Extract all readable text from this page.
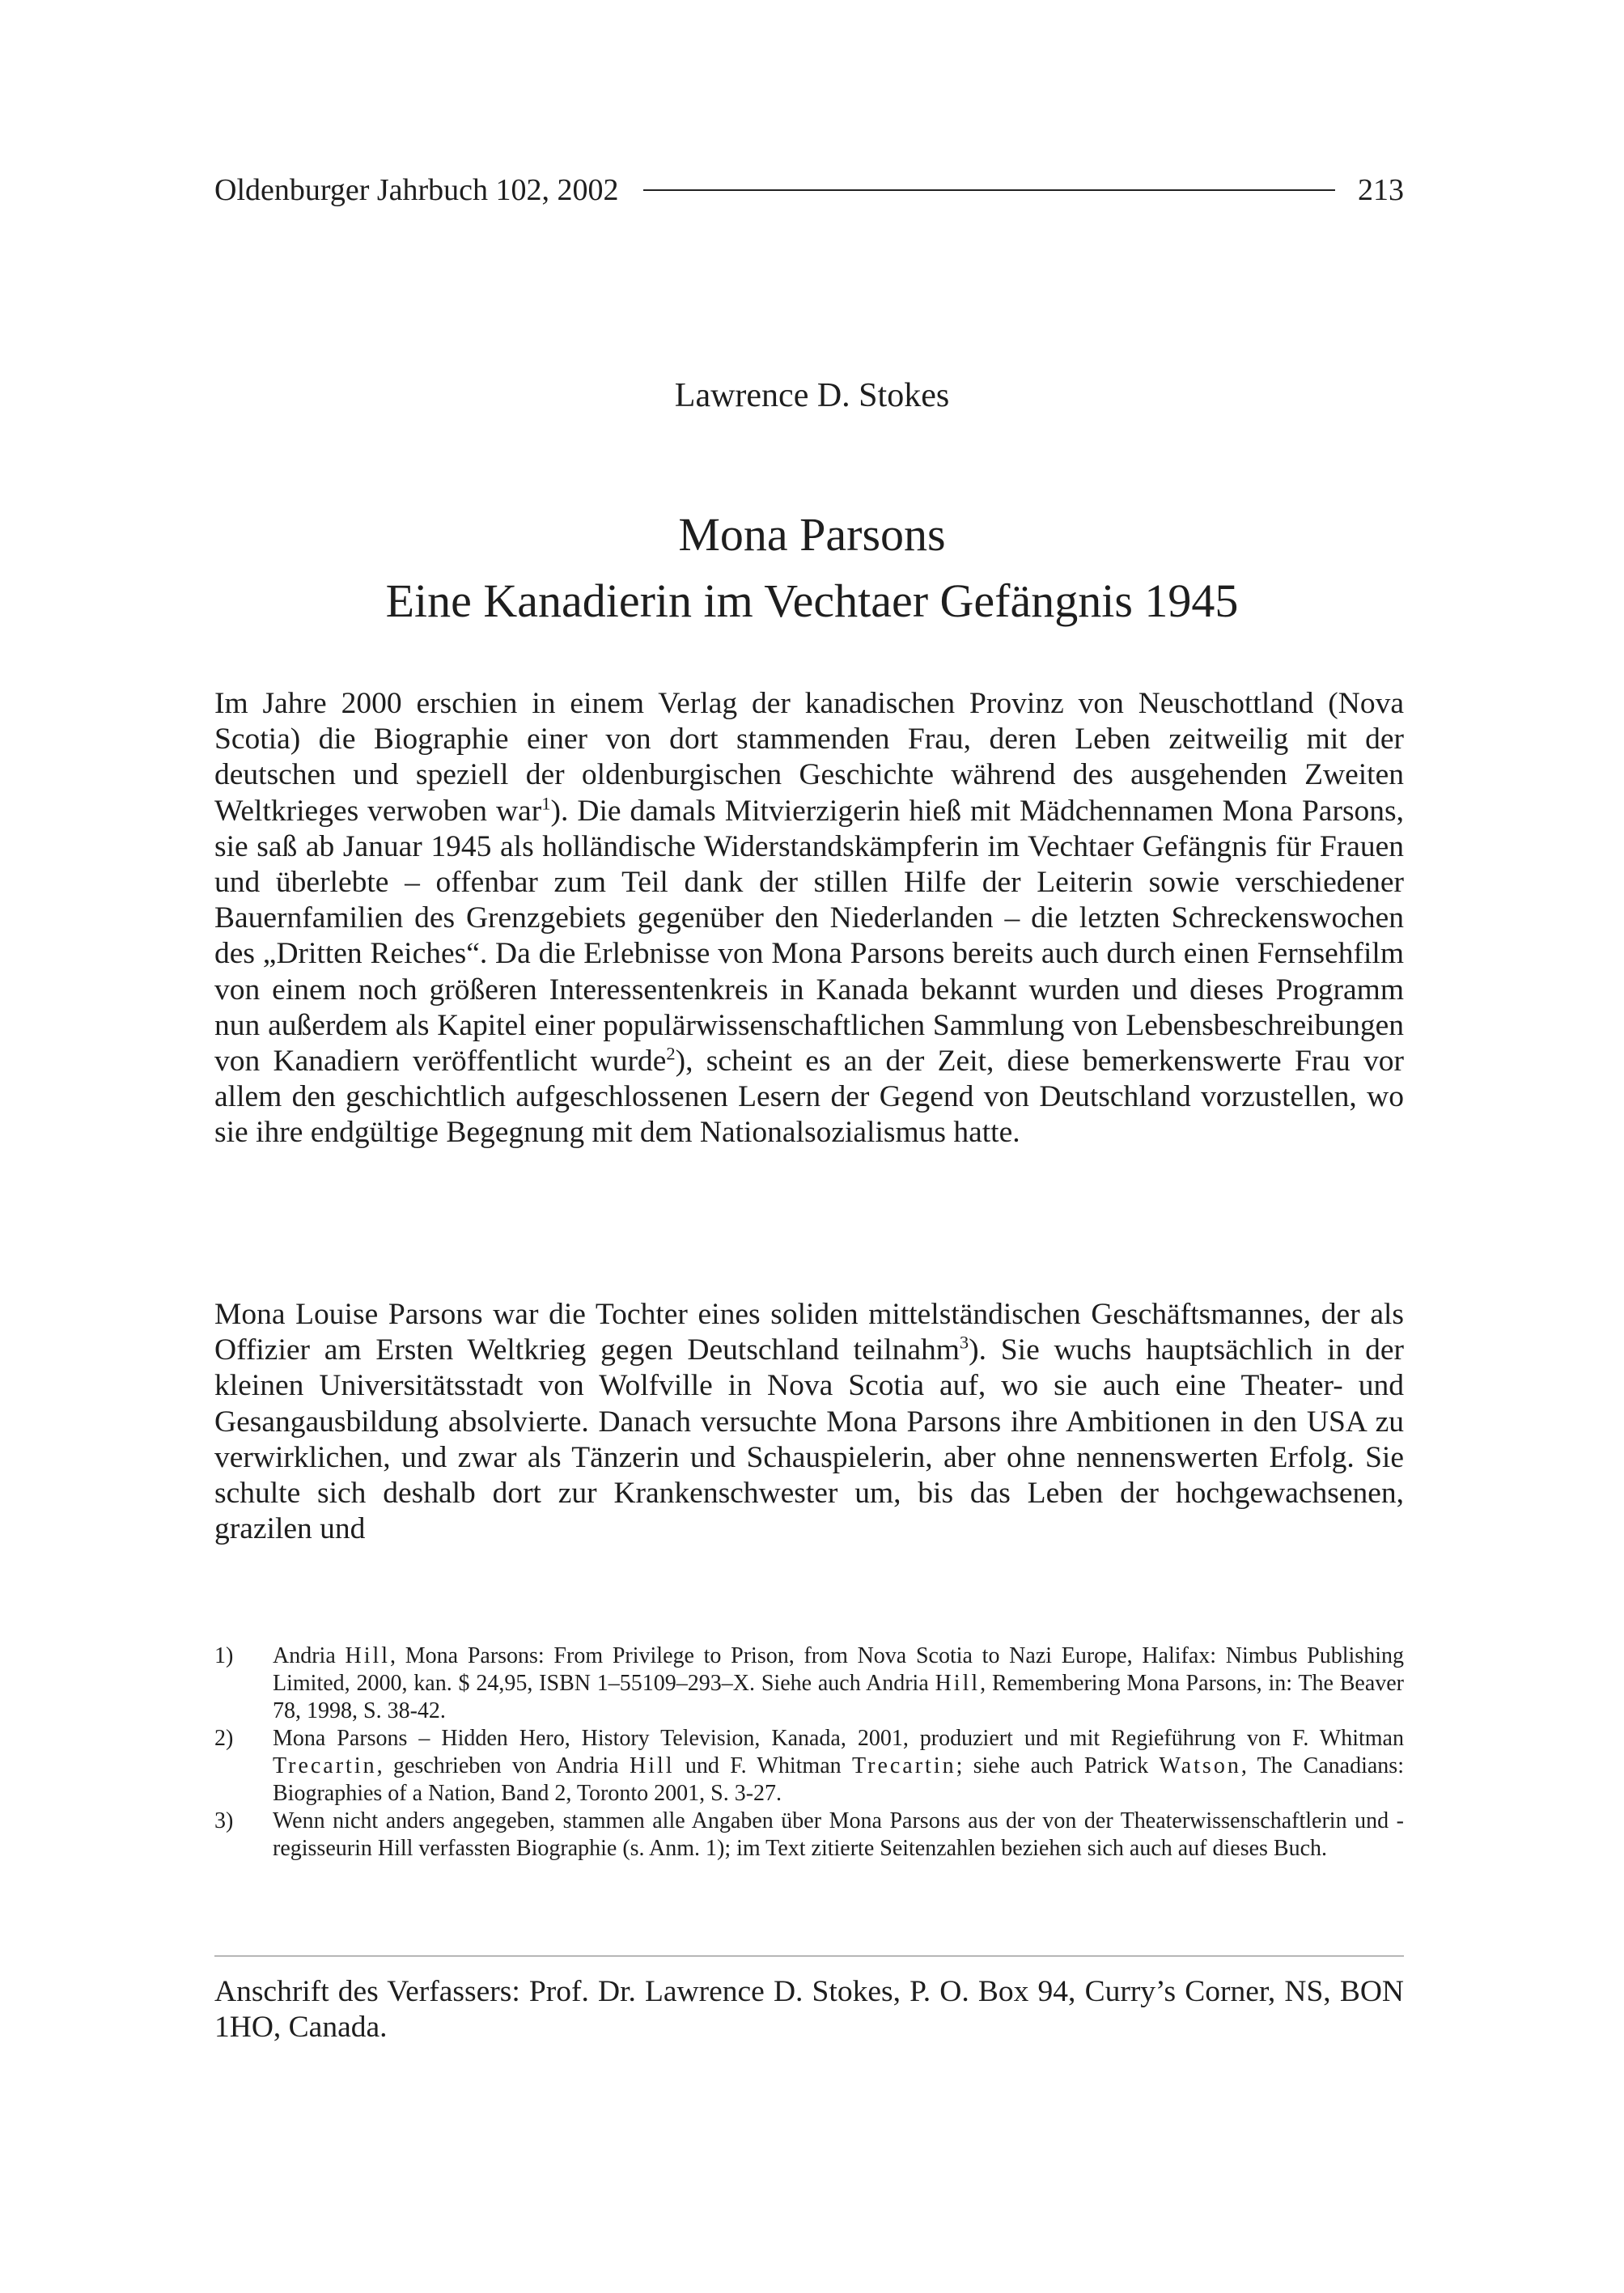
Oldenburger Jahrbuch 102, 2002	213
Lawrence D. Stokes
Mona Parsons
Eine Kanadierin im Vechtaer Gefängnis 1945

Im Jahre 2000 erschien in einem Verlag der kanadischen Provinz von Neuschottland (Nova Scotia) die Biographie einer von dort stammenden Frau, deren Leben zeitweilig mit der deutschen und speziell der oldenburgischen Geschichte während des ausgehenden Zweiten Weltkrieges verwoben war$^1$). Die damals Mitvierzigerin hieß mit Mädchennamen Mona Parsons, sie saß ab Januar 1945 als holländische Widerstandskämpferin im Vechtaer Gefängnis für Frauen und überlebte – offenbar zum Teil dank der stillen Hilfe der Leiterin sowie verschiedener Bauernfamilien des Grenzgebiets gegenüber den Niederlanden – die letzten Schreckenswochen des „Dritten Reiches“. Da die Erlebnisse von Mona Parsons bereits auch durch einen Fernsehfilm von einem noch größeren Interessentenkreis in Kanada bekannt wurden und dieses Programm nun außerdem als Kapitel einer populärwissenschaftlichen Sammlung von Lebensbeschreibungen von Kanadiern veröffentlicht wurde$^2$), scheint es an der Zeit, diese bemerkenswerte Frau vor allem den geschichtlich aufgeschlossenen Lesern der Gegend von Deutschland vorzustellen, wo sie ihre endgültige Begegnung mit dem Nationalsozialismus hatte.

Mona Louise Parsons war die Tochter eines soliden mittelständischen Geschäftsmannes, der als Offizier am Ersten Weltkrieg gegen Deutschland teilnahm$^3$). Sie wuchs hauptsächlich in der kleinen Universitätsstadt von Wolfville in Nova Scotia auf, wo sie auch eine Theater- und Gesangausbildung absolvierte. Danach versuchte Mona Parsons ihre Ambitionen in den USA zu verwirklichen, und zwar als Tänzerin und Schauspielerin, aber ohne nennenswerten Erfolg. Sie schulte sich deshalb dort zur Krankenschwester um, bis das Leben der hochgewachsenen, grazilen und

1)	Andria Hill, Mona Parsons: From Privilege to Prison, from Nova Scotia to Nazi Europe, Halifax: Nimbus Publishing Limited, 2000, kan. $ 24,95, ISBN 1–55109–293–X. Siehe auch Andria Hill, Remembering Mona Parsons, in: The Beaver 78, 1998, S. 38-42.
2)	Mona Parsons – Hidden Hero, History Television, Kanada, 2001, produziert und mit Regieführung von F. Whitman Trecartin, geschrieben von Andria Hill und F. Whitman Trecartin; siehe auch Patrick Watson, The Canadians: Biographies of a Nation, Band 2, Toronto 2001, S. 3-27.
3)	Wenn nicht anders angegeben, stammen alle Angaben über Mona Parsons aus der von der Theaterwissenschaftlerin und -regisseurin Hill verfassten Biographie (s. Anm. 1); im Text zitierte Seitenzahlen beziehen sich auch auf dieses Buch.
Anschrift des Verfassers: Prof. Dr. Lawrence D. Stokes, P. O. Box 94, Curry’s Corner, NS, BON 1HO, Canada.
